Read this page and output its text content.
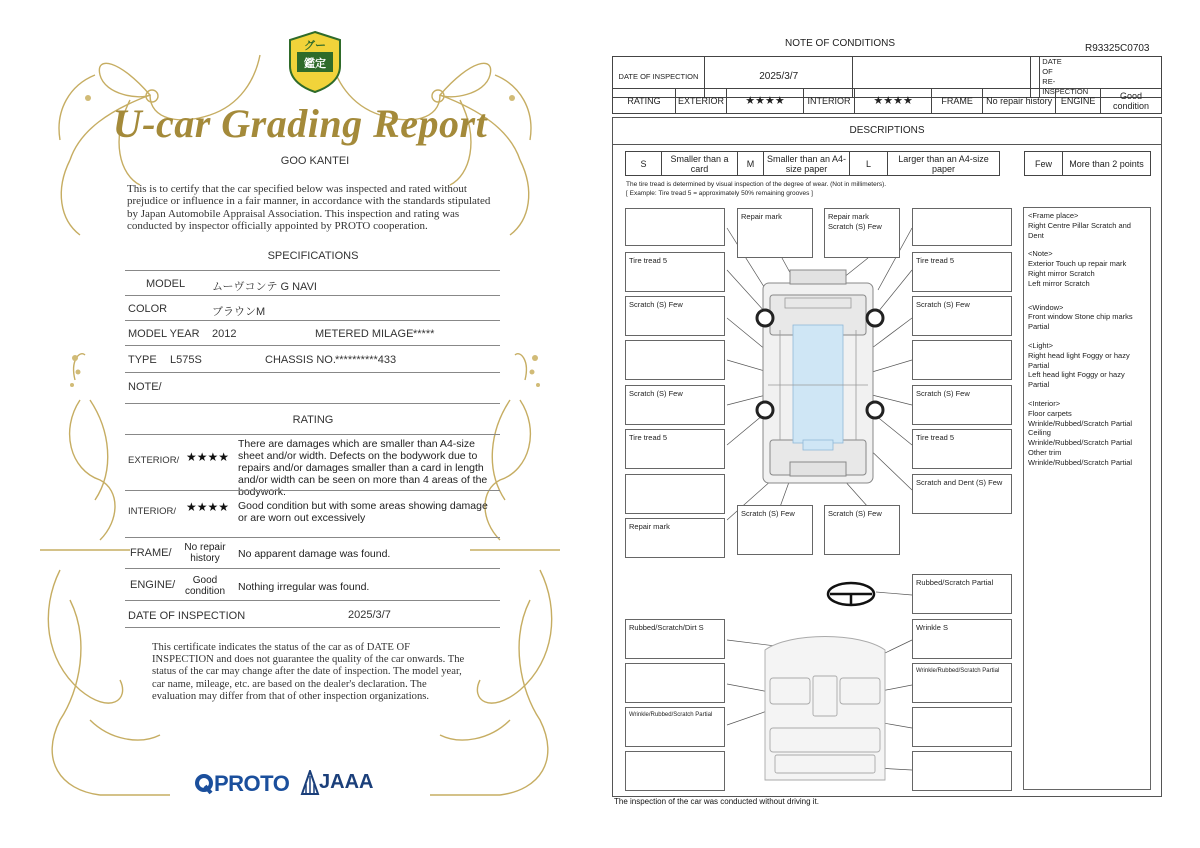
グー
鑑定
U-car Grading Report
GOO KANTEI
This is to certify that the car specified below was inspected and rated without prejudice or influence in a fair manner, in accordance with the standards stipulated by Japan Automobile Appraisal Association. This inspection and rating was conducted by inspector officially appointed by PROTO cooperation.
SPECIFICATIONS
MODEL ムーヴコンテ G NAVI
COLOR	ブラウンM
MODEL YEAR 2012	METERED MILAGE *****
TYPE L575S	CHASSIS NO. **********433
NOTE/
RATING
EXTERIOR/ ★★★★
There are damages which are smaller than A4-size sheet and/or width. Defects on the bodywork due to repairs and/or damages smaller than a card in length and/or width can be seen on more than 4 areas of the bodywork.
INTERIOR/ ★★★★ Good condition but with some areas showing damage or are worn out excessively
FRAME/	No repair history	No apparent damage was found.
ENGINE/	Good condition	Nothing irregular was found.
DATE OF INSPECTION	2025/3/7
This certificate indicates the status of the car as of DATE OF INSPECTION and does not guarantee the quality of the car onwards. The status of the car may change after the date of inspection. The model year, car name, mileage, etc. are based on the dealer's declaration. The evaluation may differ from that of other inspection organizations.
PROTO JAAA
NOTE OF CONDITIONS	R93325C0703
DATE OF INSPECTION	2025/3/7			DATE OF RE-INSPECTION	
RATING	EXTERIOR	★★★★	INTERIOR	★★★★	FRAME	No repair history	ENGINE	Good condition
DESCRIPTIONS
S	Smaller than a card	M	Smaller than an A4-size paper	L	Larger than an A4-size paper	Few	More than 2 points
The tire tread is determined by visual inspection of the degree of wear. (Not in millimeters).
[ Example: Tire tread 5 = approximately 50% remaining grooves ]
Repair mark	Repair mark Scratch (S) Few
Tire tread 5	Tire tread 5
Scratch (S) Few	Scratch (S) Few
Scratch (S) Few	Scratch (S) Few
Tire tread 5	Tire tread 5
Scratch and Dent (S) Few
Repair mark
Scratch (S) Few	Scratch (S) Few
Rubbed/Scratch Partial
Rubbed/Scratch/Dirt S	Wrinkle S
Wrinkle/Rubbed/Scratch Partial
Wrinkle/Rubbed/Scratch Partial
<Frame place>
Right Centre Pillar Scratch and Dent
<Note>
Exterior Touch up repair mark
Right mirror Scratch
Left mirror Scratch
<Window>
Front window Stone chip marks Partial
<Light>
Right head light Foggy or hazy Partial
Left head light Foggy or hazy Partial
<Interior>
Floor carpets
Wrinkle/Rubbed/Scratch Partial
Ceiling
Wrinkle/Rubbed/Scratch Partial
Other trim
Wrinkle/Rubbed/Scratch Partial
The inspection of the car was conducted without driving it.
